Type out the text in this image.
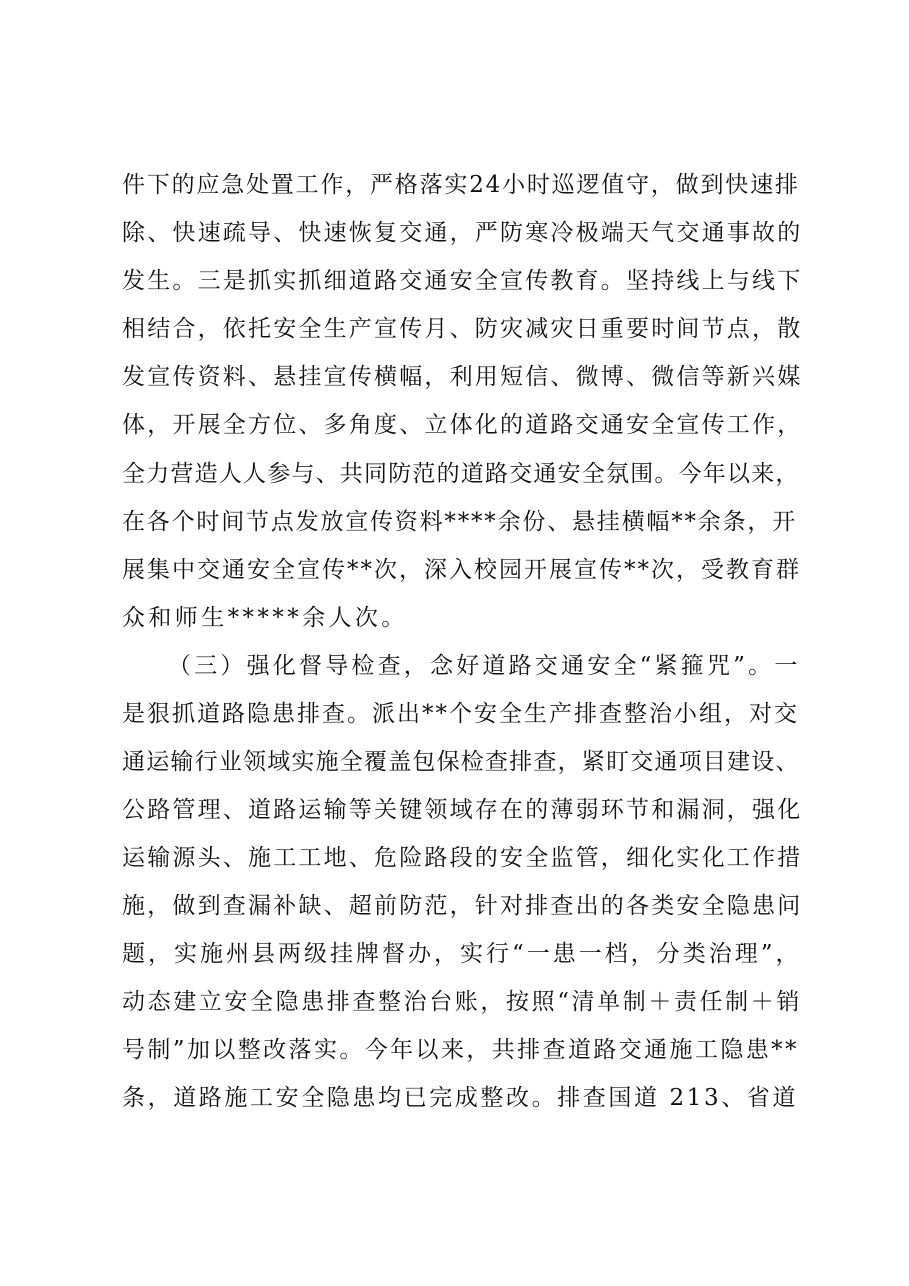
件下的应急处置工作，严格落实24小时巡逻值守，做到快速排
除、快速疏导、快速恢复交通，严防寒冷极端天气交通事故的
发生。三是抓实抓细道路交通安全宣传教育。坚持线上与线下
相结合，依托安全生产宣传月、防灾减灾日重要时间节点，散
发宣传资料、悬挂宣传横幅，利用短信、微博、微信等新兴媒
体，开展全方位、多角度、立体化的道路交通安全宣传工作，
全力营造人人参与、共同防范的道路交通安全氛围。今年以来，
在各个时间节点发放宣传资料****余份、悬挂横幅**余条，开
展集中交通安全宣传**次，深入校园开展宣传**次，受教育群
众和师生*****余人次。
（三）强化督导检查，念好道路交通安全“紧箍咒”。一
是狠抓道路隐患排查。派出**个安全生产排查整治小组，对交
通运输行业领域实施全覆盖包保检查排查，紧盯交通项目建设、
公路管理、道路运输等关键领域存在的薄弱环节和漏洞，强化
运输源头、施工工地、危险路段的安全监管，细化实化工作措
施，做到查漏补缺、超前防范，针对排查出的各类安全隐患问
题，实施州县两级挂牌督办，实行“一患一档，分类治理”，
动态建立安全隐患排查整治台账，按照“清单制＋责任制＋销
号制”加以整改落实。今年以来，共排查道路交通施工隐患**
条，道路施工安全隐患均已完成整改。排查国道 213、省道
